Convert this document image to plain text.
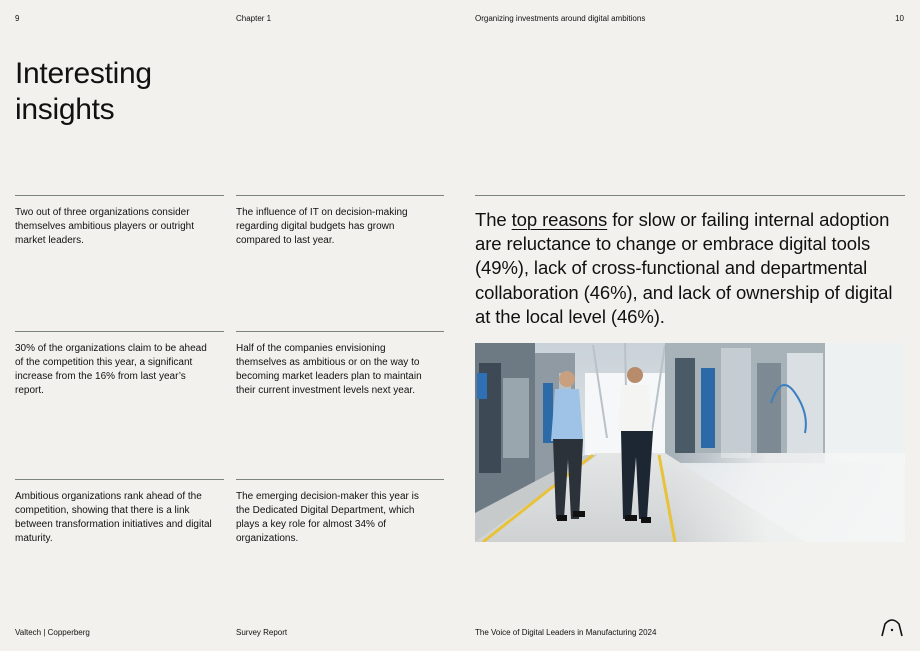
9	Chapter 1	Organizing investments around digital ambitions	10
Interesting
insights
Two out of three organizations consider themselves ambitious players or outright market leaders.
The influence of IT on decision-making regarding digital budgets has grown compared to last year.
30% of the organizations claim to be ahead of the competition this year, a significant increase from the 16% from last year’s report.
Half of the companies envisioning themselves as ambitious or on the way to becoming market leaders plan to maintain their current investment levels next year.
Ambitious organizations rank ahead of the competition, showing that there is a link between transformation initiatives and digital maturity.
The emerging decision-maker this year is the Dedicated Digital Department, which plays a key role for almost 34% of organizations.
The top reasons for slow or failing internal adoption are reluctance to change or embrace digital tools (49%), lack of cross-functional and departmental collaboration (46%), and lack of ownership of digital at the local level (46%).
Valtech | Copperberg	Survey Report	The Voice of Digital Leaders in Manufacturing 2024
